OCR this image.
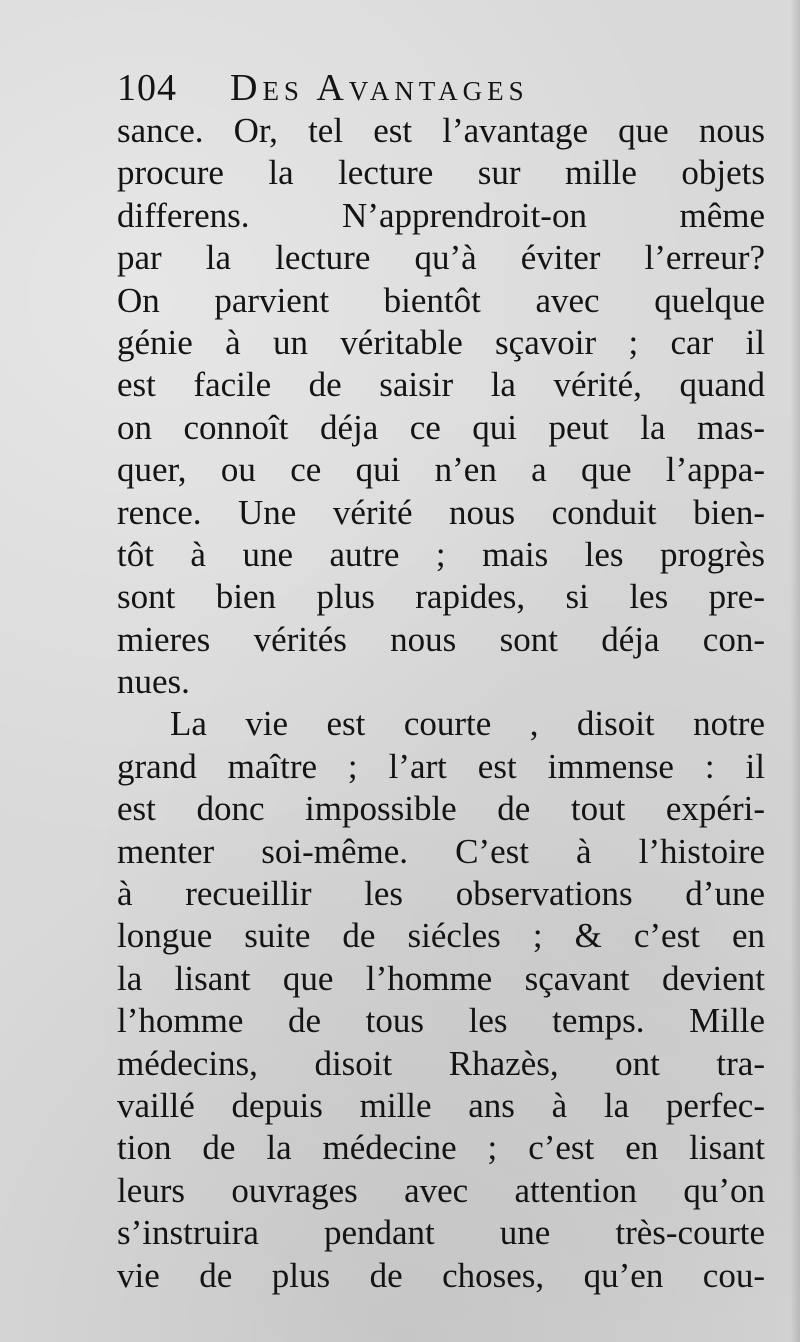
104 Des Avantages
sance. Or, tel est l’avantage que nous
procure la lecture sur mille objets
differens. N’apprendroit-on même
par la lecture qu’à éviter l’erreur?
On parvient bientôt avec quelque
génie à un véritable sçavoir ; car il
est facile de saisir la vérité, quand
on connoît déja ce qui peut la mas-
quer, ou ce qui n’en a que l’appa-
rence. Une vérité nous conduit bien-
tôt à une autre ; mais les progrès
sont bien plus rapides, si les pre-
mieres vérités nous sont déja con-
nues.
La vie est courte , disoit notre
grand maître ; l’art est immense : il
est donc impossible de tout expéri-
menter soi-même. C’est à l’histoire
à recueillir les observations d’une
longue suite de siécles ; & c’est en
la lisant que l’homme sçavant devient
l’homme de tous les temps. Mille
médecins, disoit Rhazès, ont tra-
vaillé depuis mille ans à la perfec-
tion de la médecine ; c’est en lisant
leurs ouvrages avec attention qu’on
s’instruira pendant une très-courte
vie de plus de choses, qu’en cou-
